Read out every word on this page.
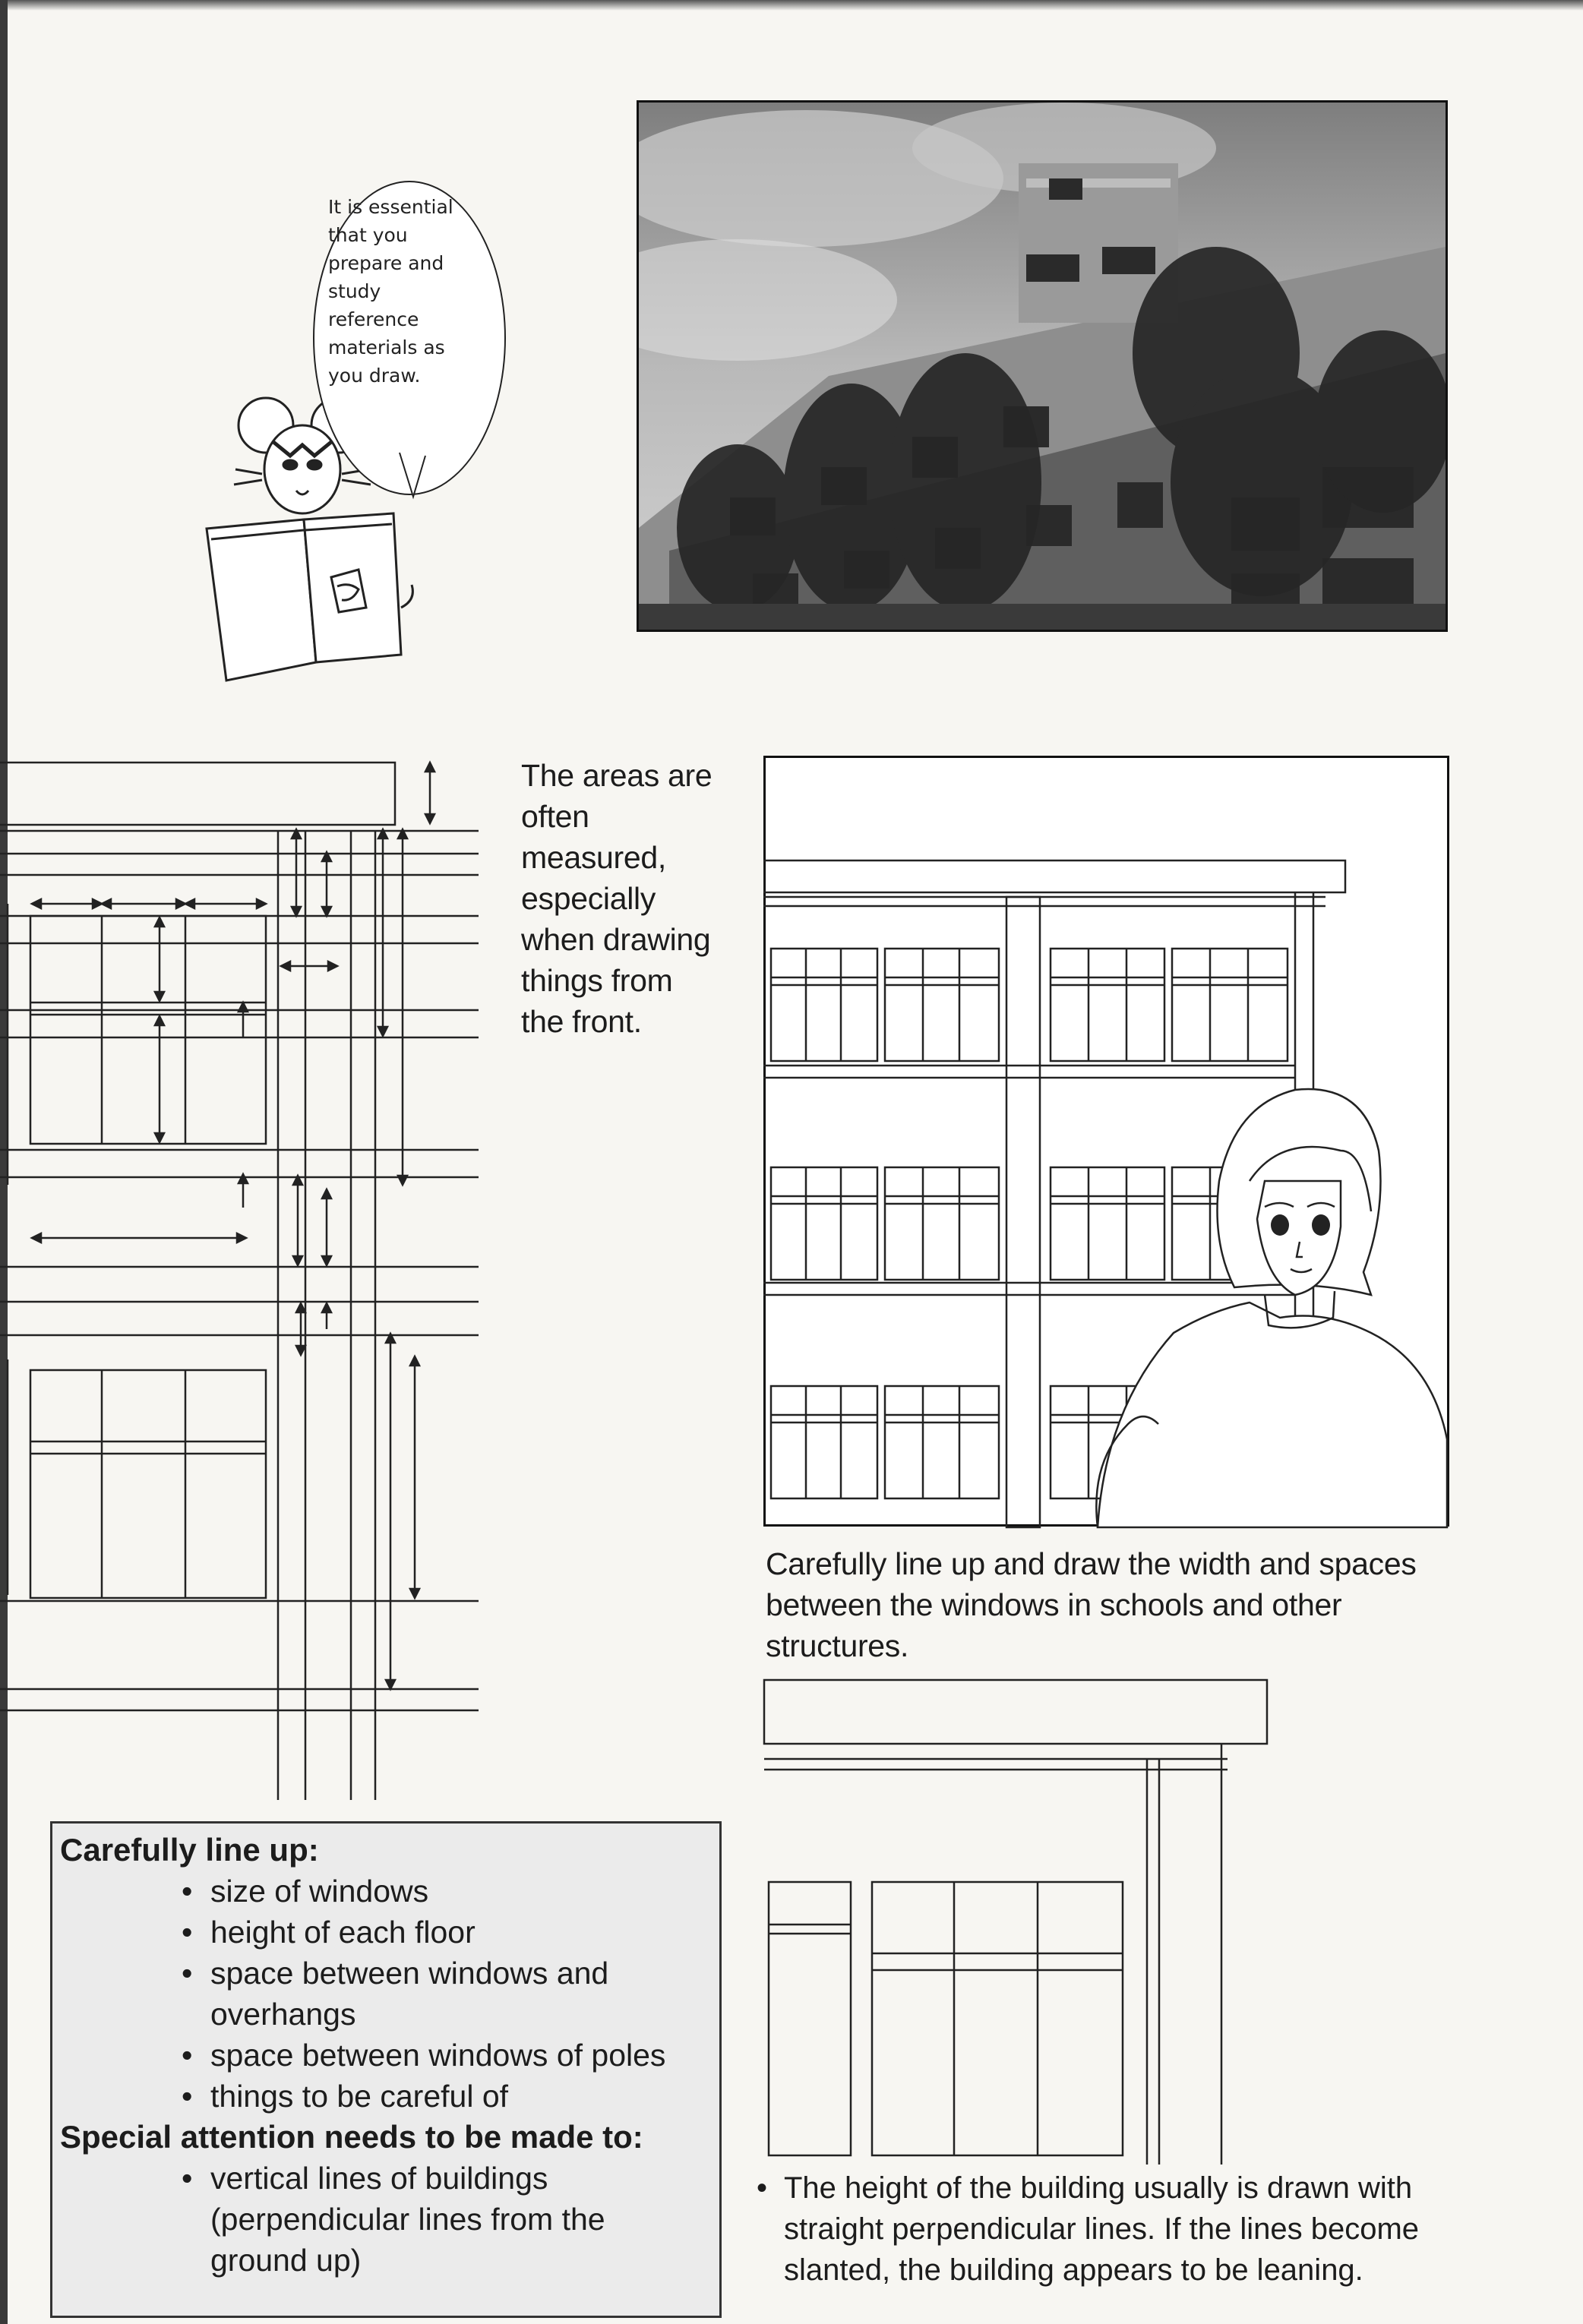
It is essential
that you
prepare and
study
reference
materials as
you draw.
The areas are
often
measured,
especially
when drawing
things from
the front.
Carefully line up and draw the width and spaces
between the windows in schools and other
structures.
Carefully line up:
• size of windows
• height of each floor
• space between windows and
overhangs
• space between windows of poles
• things to be careful of
Special attention needs to be made to:
• vertical lines of buildings
(perpendicular lines from the
ground up)
• The height of the building usually is drawn with
straight perpendicular lines. If the lines become
slanted, the building appears to be leaning.
